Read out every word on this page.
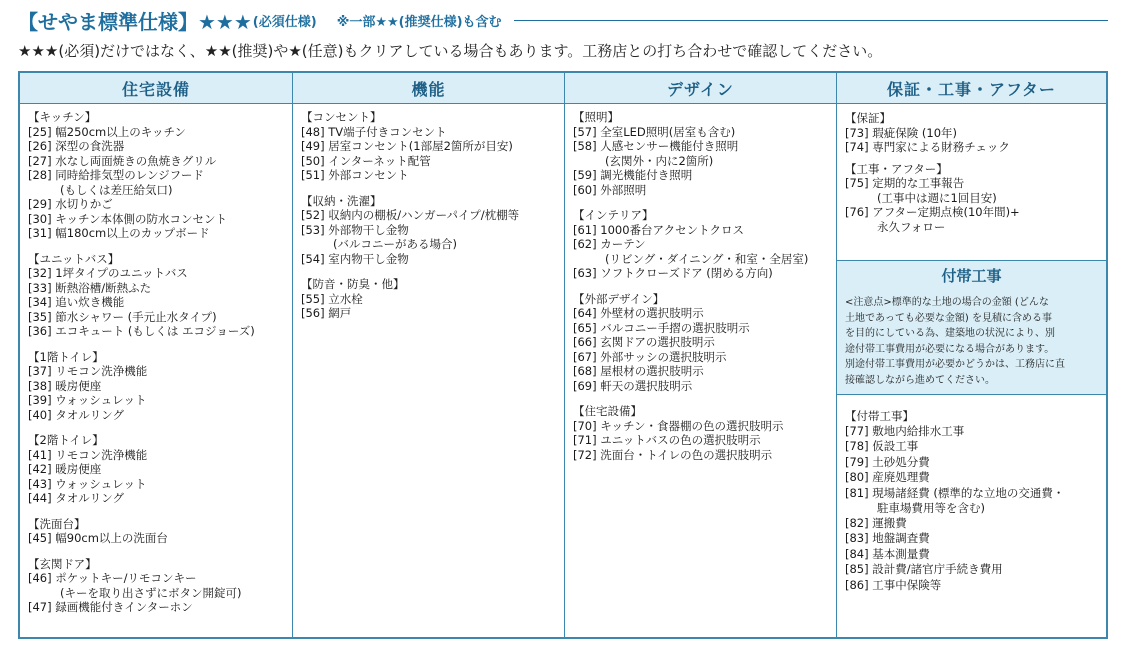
【せやま標準仕様】★★★ (必須仕様) ※一部★★(推奨仕様)も含む
★★★(必須)だけではなく、★★(推奨)や★(任意)もクリアしている場合もあります。工務店との打ち合わせで確認してください。
住宅設備
【キッチン】
[25] 幅250cm以上のキッチン
[26] 深型の食洗器
[27] 水なし両面焼きの魚焼きグリル
[28] 同時給排気型のレンジフード
(もしくは差圧給気口)
[29] 水切りかご
[30] キッチン本体側の防水コンセント
[31] 幅180cm以上のカップボード
【ユニットバス】
[32] 1坪タイプのユニットバス
[33] 断熱浴槽/断熱ふた
[34] 追い炊き機能
[35] 節水シャワー (手元止水タイプ)
[36] エコキュート (もしくは エコジョーズ)
【1階トイレ】
[37] リモコン洗浄機能
[38] 暖房便座
[39] ウォッシュレット
[40] タオルリング
【2階トイレ】
[41] リモコン洗浄機能
[42] 暖房便座
[43] ウォッシュレット
[44] タオルリング
【洗面台】
[45] 幅90cm以上の洗面台
【玄関ドア】
[46] ポケットキー/リモコンキー
(キーを取り出さずにボタン開錠可)
[47] 録画機能付きインターホン
機能
【コンセント】
[48] TV端子付きコンセント
[49] 居室コンセント(1部屋2箇所が目安)
[50] インターネット配管
[51] 外部コンセント
【収納・洗濯】
[52] 収納内の棚板/ハンガーパイプ/枕棚等
[53] 外部物干し金物
(バルコニーがある場合)
[54] 室内物干し金物
【防音・防臭・他】
[55] 立水栓
[56] 網戸
デザイン
【照明】
[57] 全室LED照明(居室も含む)
[58] 人感センサー機能付き照明
(玄関外・内に2箇所)
[59] 調光機能付き照明
[60] 外部照明
【インテリア】
[61] 1000番台アクセントクロス
[62] カーテン
(リビング・ダイニング・和室・全居室)
[63] ソフトクローズドア (閉める方向)
【外部デザイン】
[64] 外壁材の選択肢明示
[65] バルコニー手摺の選択肢明示
[66] 玄関ドアの選択肢明示
[67] 外部サッシの選択肢明示
[68] 屋根材の選択肢明示
[69] 軒天の選択肢明示
【住宅設備】
[70] キッチン・食器棚の色の選択肢明示
[71] ユニットバスの色の選択肢明示
[72] 洗面台・トイレの色の選択肢明示
保証・工事・アフター
【保証】
[73] 瑕疵保険 (10年)
[74] 専門家による財務チェック
【工事・アフター】
[75] 定期的な工事報告
(工事中は週に1回目安)
[76] アフター定期点検(10年間)+
永久フォロー
付帯工事
<注意点>標準的な土地の場合の金額 (どんな
土地であっても必要な金額) を見積に含める事
を目的にしている為、建築地の状況により、別
途付帯工事費用が必要になる場合があります。
別途付帯工事費用が必要かどうかは、工務店に直
接確認しながら進めてください。
【付帯工事】
[77] 敷地内給排水工事
[78] 仮設工事
[79] 土砂処分費
[80] 産廃処理費
[81] 現場諸経費 (標準的な立地の交通費・
駐車場費用等を含む)
[82] 運搬費
[83] 地盤調査費
[84] 基本測量費
[85] 設計費/諸官庁手続き費用
[86] 工事中保険等
